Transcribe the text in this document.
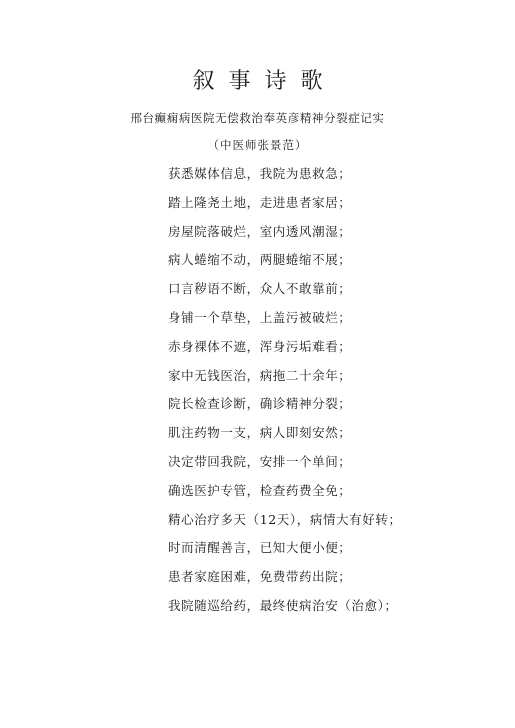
叙事诗歌

邢台癫痫病医院无偿救治奉英彦精神分裂症记实

（中医师张景范）

获悉媒体信息，我院为患救急；
踏上隆尧土地，走进患者家居；
房屋院落破烂，室内透风潮湿；
病人蜷缩不动，两腿蜷缩不展；
口言秽语不断，众人不敢靠前；
身铺一个草垫，上盖污被破烂；
赤身裸体不遮，浑身污垢难看；
家中无钱医治，病拖二十余年；
院长检查诊断，确诊精神分裂；
肌注药物一支，病人即刻安然；
决定带回我院，安排一个单间；
确选医护专管，检查药费全免；
精心治疗多天（12天），病情大有好转；
时而清醒善言，已知大便小便；
患者家庭困难，免费带药出院；
我院随巡给药，最终使病治安（治愈）；
